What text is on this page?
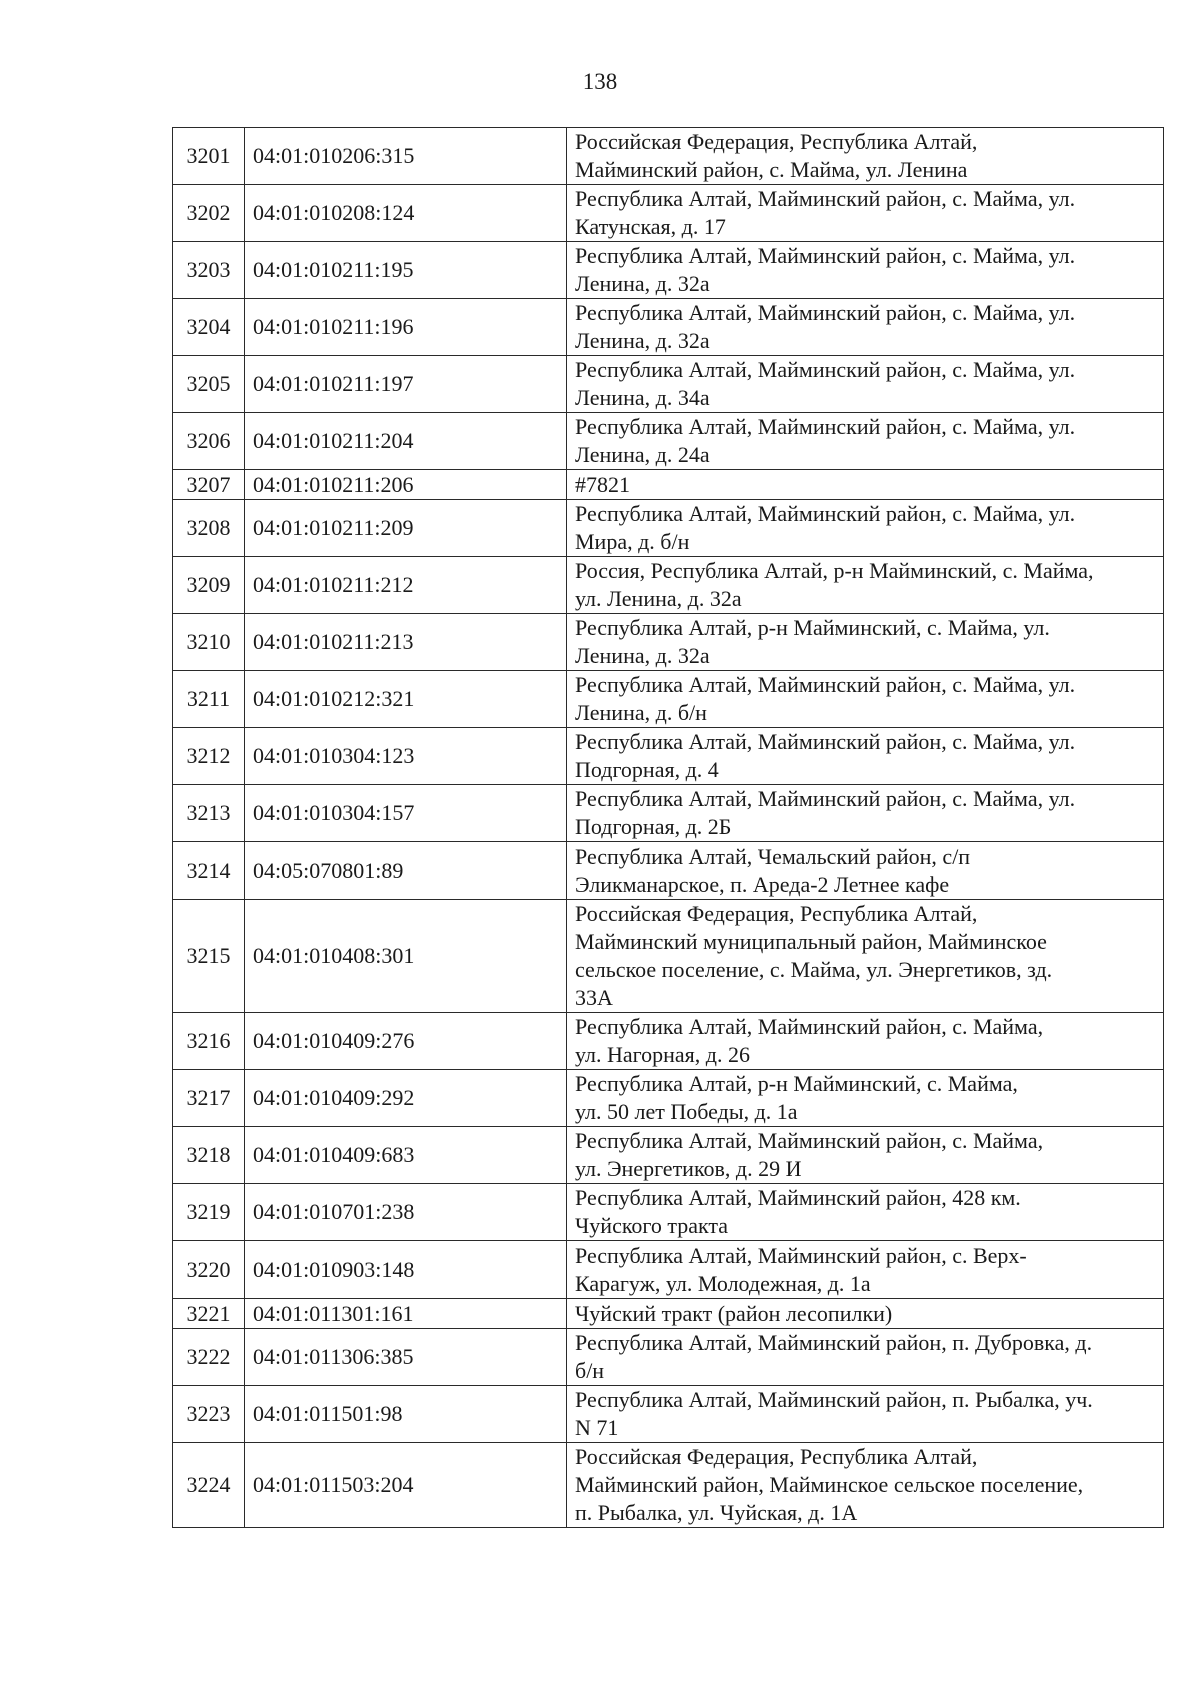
138
3201	04:01:010206:315	Российская Федерация, Республика Алтай,
Майминский район, с. Майма, ул. Ленина
3202	04:01:010208:124	Республика Алтай, Майминский район, с. Майма, ул.
Катунская, д. 17
3203	04:01:010211:195	Республика Алтай, Майминский район, с. Майма, ул.
Ленина, д. 32а
3204	04:01:010211:196	Республика Алтай, Майминский район, с. Майма, ул.
Ленина, д. 32а
3205	04:01:010211:197	Республика Алтай, Майминский район, с. Майма, ул.
Ленина, д. 34а
3206	04:01:010211:204	Республика Алтай, Майминский район, с. Майма, ул.
Ленина, д. 24а
3207	04:01:010211:206	#7821
3208	04:01:010211:209	Республика Алтай, Майминский район, с. Майма, ул.
Мира, д. б/н
3209	04:01:010211:212	Россия, Республика Алтай, р-н Майминский, с. Майма,
ул. Ленина, д. 32а
3210	04:01:010211:213	Республика Алтай, р-н Майминский, с. Майма, ул.
Ленина, д. 32а
3211	04:01:010212:321	Республика Алтай, Майминский район, с. Майма, ул.
Ленина, д. б/н
3212	04:01:010304:123	Республика Алтай, Майминский район, с. Майма, ул.
Подгорная, д. 4
3213	04:01:010304:157	Республика Алтай, Майминский район, с. Майма, ул.
Подгорная, д. 2Б
3214	04:05:070801:89	Республика Алтай, Чемальский район, с/п
Эликманарское, п. Ареда-2 Летнее кафе
3215	04:01:010408:301	Российская Федерация, Республика Алтай,
Майминский муниципальный район, Майминское
сельское поселение, с. Майма, ул. Энергетиков, зд.
33А
3216	04:01:010409:276	Республика Алтай, Майминский район, с. Майма,
ул. Нагорная, д. 26
3217	04:01:010409:292	Республика Алтай, р-н Майминский, с. Майма,
ул. 50 лет Победы, д. 1а
3218	04:01:010409:683	Республика Алтай, Майминский район, с. Майма,
ул. Энергетиков, д. 29 И
3219	04:01:010701:238	Республика Алтай, Майминский район, 428 км.
Чуйского тракта
3220	04:01:010903:148	Республика Алтай, Майминский район, с. Верх-
Карагуж, ул. Молодежная, д. 1а
3221	04:01:011301:161	Чуйский тракт (район лесопилки)
3222	04:01:011306:385	Республика Алтай, Майминский район, п. Дубровка, д.
б/н
3223	04:01:011501:98	Республика Алтай, Майминский район, п. Рыбалка, уч.
N 71
3224	04:01:011503:204	Российская Федерация, Республика Алтай,
Майминский район, Майминское сельское поселение,
п. Рыбалка, ул. Чуйская, д. 1А
